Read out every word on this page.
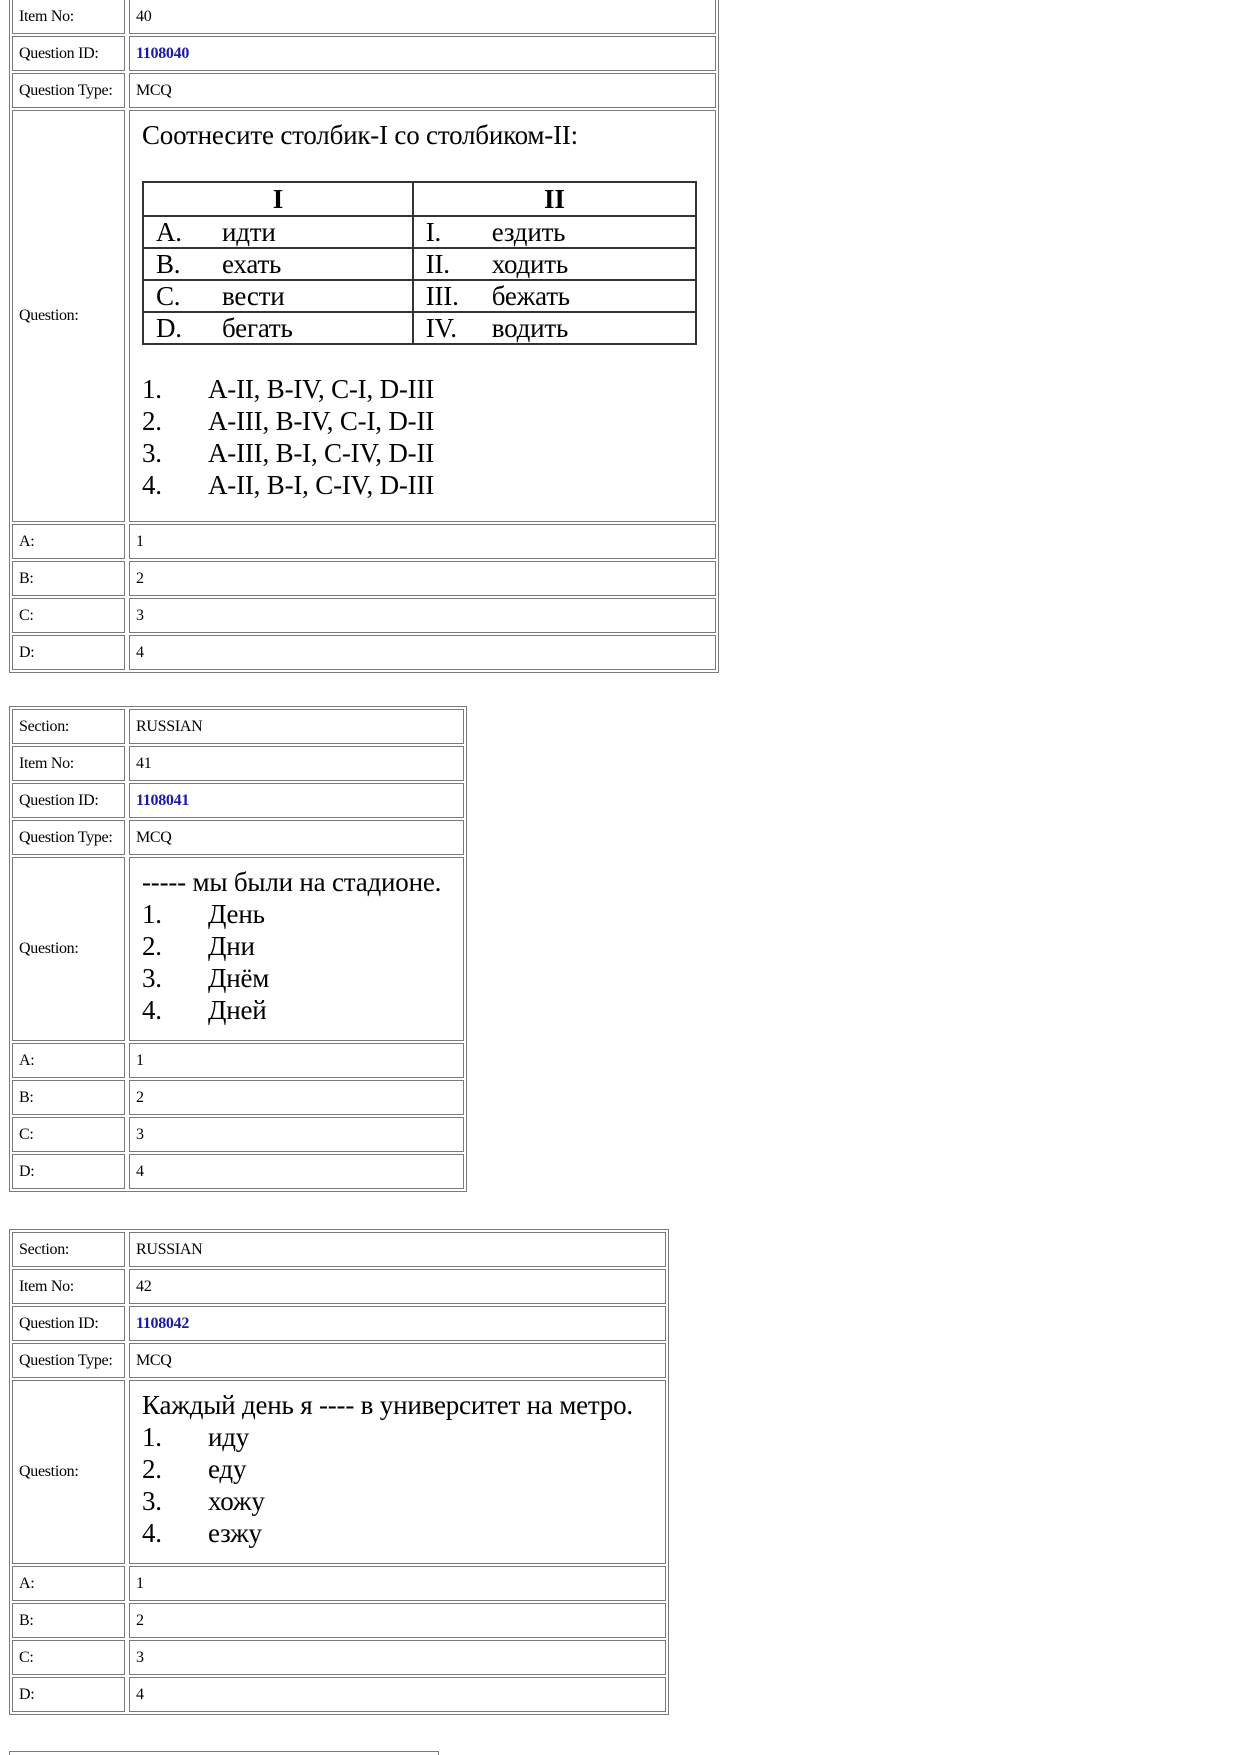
Item No:	40
Question ID:	1108040
Question Type:	MCQ
Question:
Соотнесите столбик-I со столбиком-II:
I	II
A. идти	I. ездить
B. ехать	II. ходить
C. вести	III. бежать
D. бегать	IV. водить
1.	A-II, B-IV, C-I, D-III
2.	A-III, B-IV, C-I, D-II
3.	A-III, B-I, C-IV, D-II
4.	A-II, B-I, C-IV, D-III
A:	1
B:	2
C:	3
D:	4
Section:	RUSSIAN
Item No:	41
Question ID:	1108041
Question Type:	MCQ
Question:
----- мы были на стадионе.
1.	День
2.	Дни
3.	Днём
4.	Дней
A:	1
B:	2
C:	3
D:	4
Section:	RUSSIAN
Item No:	42
Question ID:	1108042
Question Type:	MCQ
Question:
Каждый день я ---- в университет на метро.
1.	иду
2.	еду
3.	хожу
4.	езжу
A:	1
B:	2
C:	3
D:	4
